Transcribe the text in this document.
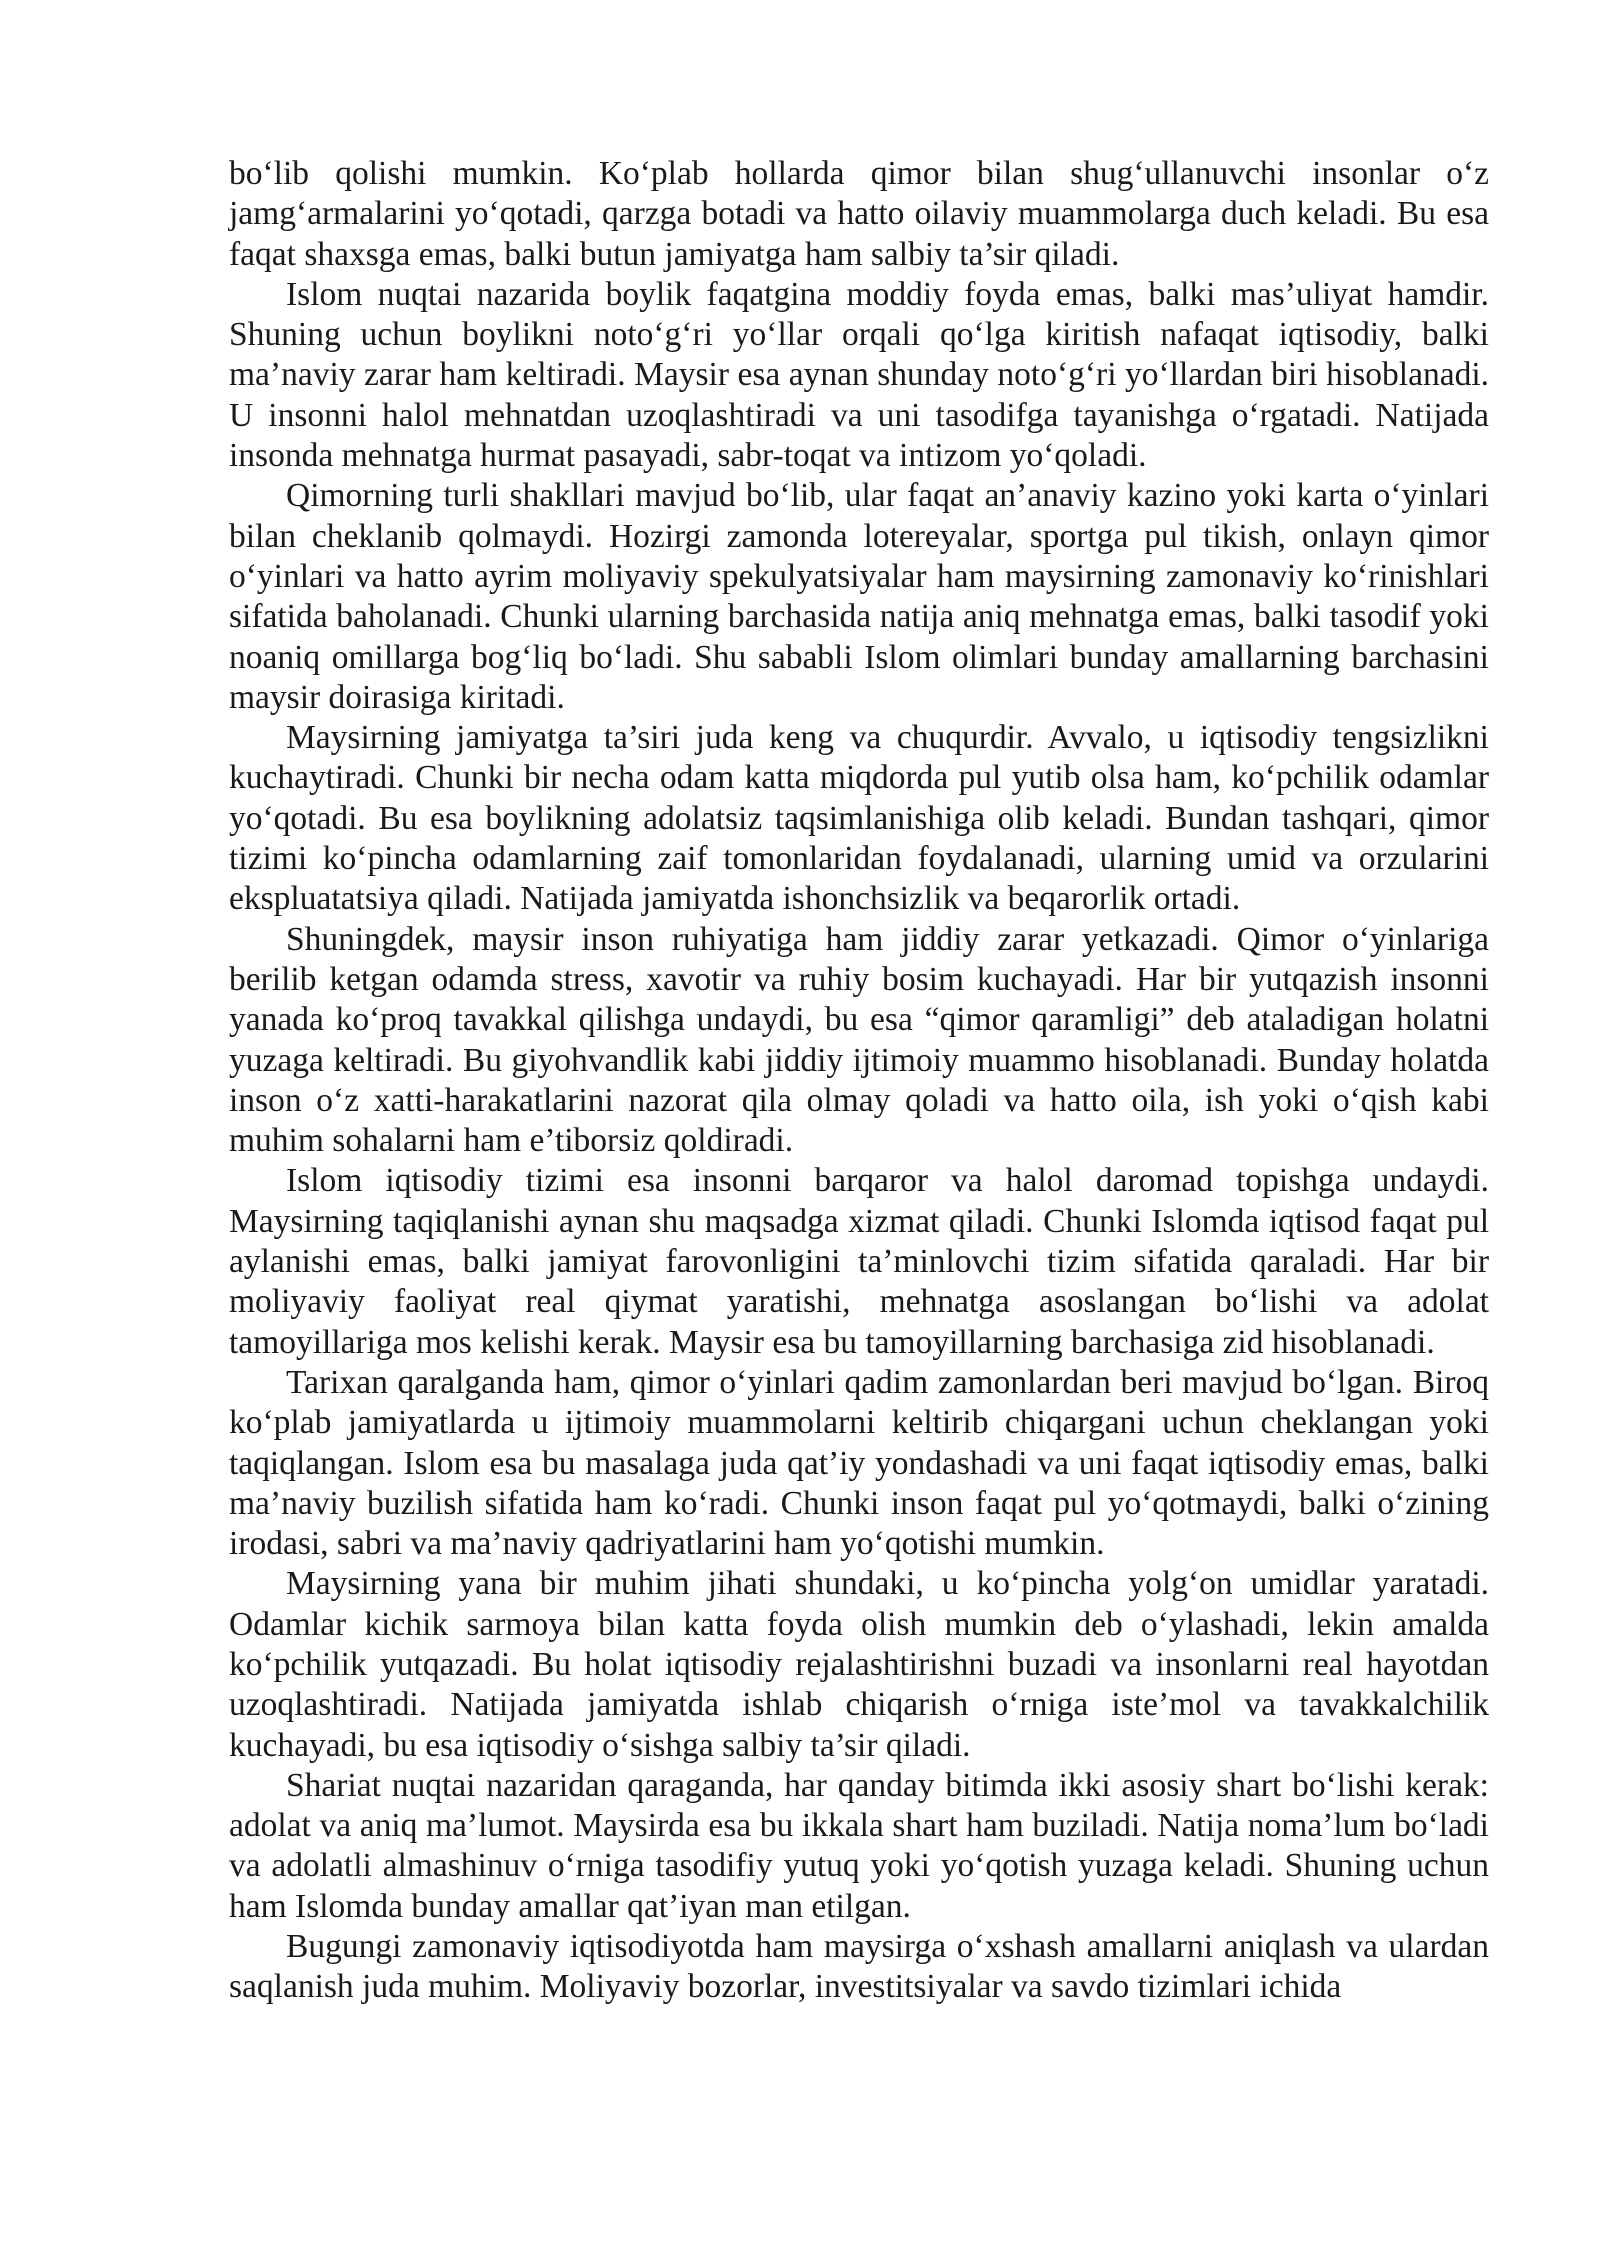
bo‘lib qolishi mumkin. Ko‘plab hollarda qimor bilan shug‘ullanuvchi insonlar o‘z jamg‘armalarini yo‘qotadi, qarzga botadi va hatto oilaviy muammolarga duch keladi. Bu esa faqat shaxsga emas, balki butun jamiyatga ham salbiy ta’sir qiladi.

Islom nuqtai nazarida boylik faqatgina moddiy foyda emas, balki mas’uliyat hamdir. Shuning uchun boylikni noto‘g‘ri yo‘llar orqali qo‘lga kiritish nafaqat iqtisodiy, balki ma’naviy zarar ham keltiradi. Maysir esa aynan shunday noto‘g‘ri yo‘llardan biri hisoblanadi. U insonni halol mehnatdan uzoqlashtiradi va uni tasodifga tayanishga o‘rgatadi. Natijada insonda mehnatga hurmat pasayadi, sabr-toqat va intizom yo‘qoladi.

Qimorning turli shakllari mavjud bo‘lib, ular faqat an’anaviy kazino yoki karta o‘yinlari bilan cheklanib qolmaydi. Hozirgi zamonda lotereyalar, sportga pul tikish, onlayn qimor o‘yinlari va hatto ayrim moliyaviy spekulyatsiyalar ham maysirning zamonaviy ko‘rinishlari sifatida baholanadi. Chunki ularning barchasida natija aniq mehnatga emas, balki tasodif yoki noaniq omillarga bog‘liq bo‘ladi. Shu sababli Islom olimlari bunday amallarning barchasini maysir doirasiga kiritadi.

Maysirning jamiyatga ta’siri juda keng va chuqurdir. Avvalo, u iqtisodiy tengsizlikni kuchaytiradi. Chunki bir necha odam katta miqdorda pul yutib olsa ham, ko‘pchilik odamlar yo‘qotadi. Bu esa boylikning adolatsiz taqsimlanishiga olib keladi. Bundan tashqari, qimor tizimi ko‘pincha odamlarning zaif tomonlaridan foydalanadi, ularning umid va orzularini ekspluatatsiya qiladi. Natijada jamiyatda ishonchsizlik va beqarorlik ortadi.

Shuningdek, maysir inson ruhiyatiga ham jiddiy zarar yetkazadi. Qimor o‘yinlariga berilib ketgan odamda stress, xavotir va ruhiy bosim kuchayadi. Har bir yutqazish insonni yanada ko‘proq tavakkal qilishga undaydi, bu esa “qimor qaramligi” deb ataladigan holatni yuzaga keltiradi. Bu giyohvandlik kabi jiddiy ijtimoiy muammo hisoblanadi. Bunday holatda inson o‘z xatti-harakatlarini nazorat qila olmay qoladi va hatto oila, ish yoki o‘qish kabi muhim sohalarni ham e’tiborsiz qoldiradi.

Islom iqtisodiy tizimi esa insonni barqaror va halol daromad topishga undaydi. Maysirning taqiqlanishi aynan shu maqsadga xizmat qiladi. Chunki Islomda iqtisod faqat pul aylanishi emas, balki jamiyat farovonligini ta’minlovchi tizim sifatida qaraladi. Har bir moliyaviy faoliyat real qiymat yaratishi, mehnatga asoslangan bo‘lishi va adolat tamoyillariga mos kelishi kerak. Maysir esa bu tamoyillarning barchasiga zid hisoblanadi.

Tarixan qaralganda ham, qimor o‘yinlari qadim zamonlardan beri mavjud bo‘lgan. Biroq ko‘plab jamiyatlarda u ijtimoiy muammolarni keltirib chiqargani uchun cheklangan yoki taqiqlangan. Islom esa bu masalaga juda qat’iy yondashadi va uni faqat iqtisodiy emas, balki ma’naviy buzilish sifatida ham ko‘radi. Chunki inson faqat pul yo‘qotmaydi, balki o‘zining irodasi, sabri va ma’naviy qadriyatlarini ham yo‘qotishi mumkin.

Maysirning yana bir muhim jihati shundaki, u ko‘pincha yolg‘on umidlar yaratadi. Odamlar kichik sarmoya bilan katta foyda olish mumkin deb o‘ylashadi, lekin amalda ko‘pchilik yutqazadi. Bu holat iqtisodiy rejalashtirishni buzadi va insonlarni real hayotdan uzoqlashtiradi. Natijada jamiyatda ishlab chiqarish o‘rniga iste’mol va tavakkalchilik kuchayadi, bu esa iqtisodiy o‘sishga salbiy ta’sir qiladi.

Shariat nuqtai nazaridan qaraganda, har qanday bitimda ikki asosiy shart bo‘lishi kerak: adolat va aniq ma’lumot. Maysirda esa bu ikkala shart ham buziladi. Natija noma’lum bo‘ladi va adolatli almashinuv o‘rniga tasodifiy yutuq yoki yo‘qotish yuzaga keladi. Shuning uchun ham Islomda bunday amallar qat’iyan man etilgan.

Bugungi zamonaviy iqtisodiyotda ham maysirga o‘xshash amallarni aniqlash va ulardan saqlanish juda muhim. Moliyaviy bozorlar, investitsiyalar va savdo tizimlari ichida
